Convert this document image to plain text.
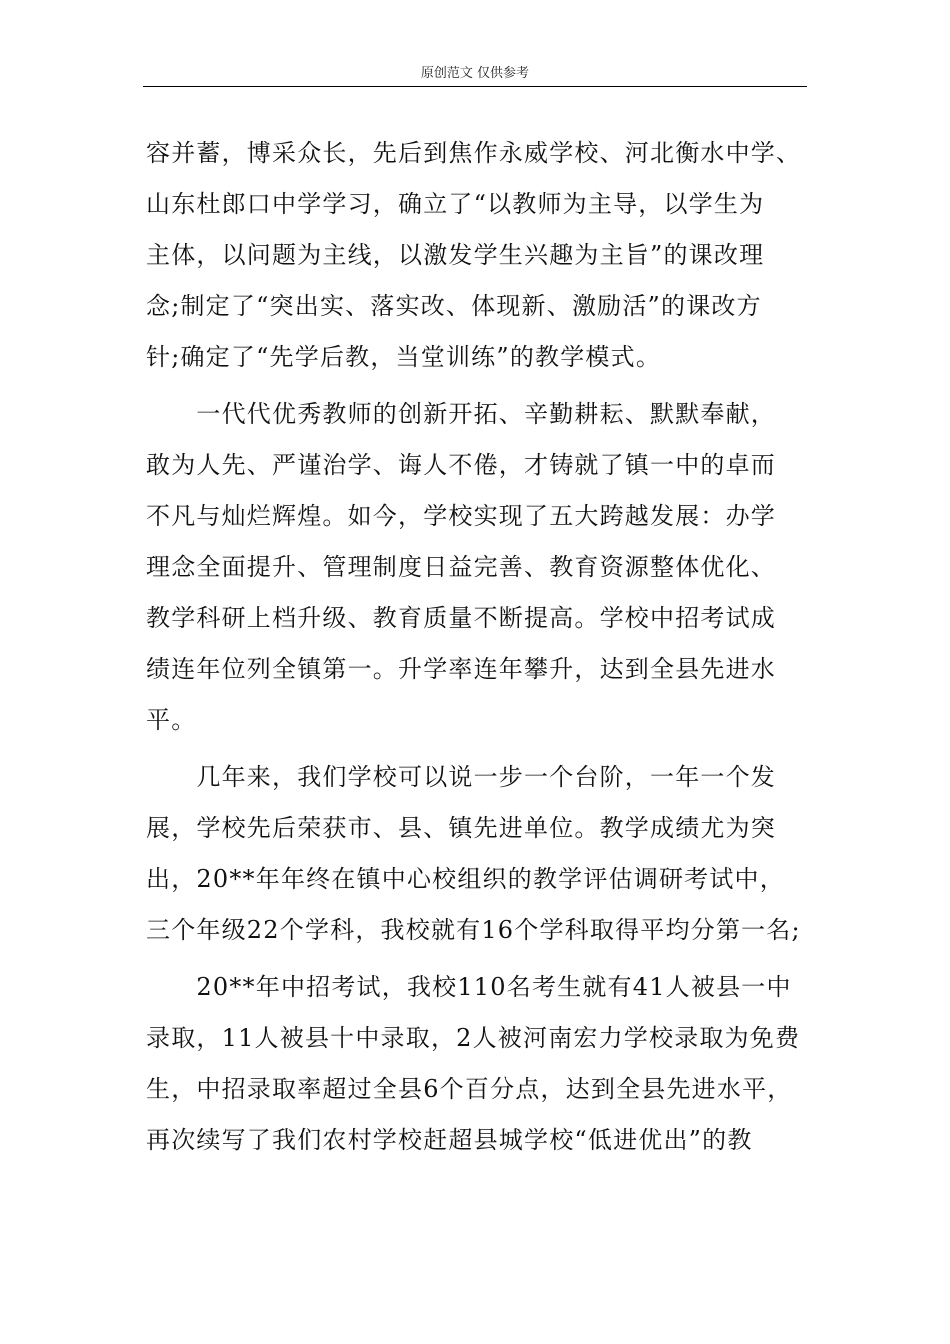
原创范文 仅供参考
容并蓄，博采众长，先后到焦作永威学校、河北衡水中学、
山东杜郎口中学学习，确立了“以教师为主导，以学生为
主体，以问题为主线，以激发学生兴趣为主旨”的课改理
念;制定了“突出实、落实改、体现新、激励活”的课改方
针;确定了“先学后教，当堂训练”的教学模式。
　　一代代优秀教师的创新开拓、辛勤耕耘、默默奉献，
敢为人先、严谨治学、诲人不倦，才铸就了镇一中的卓而
不凡与灿烂辉煌。如今，学校实现了五大跨越发展：办学
理念全面提升、管理制度日益完善、教育资源整体优化、
教学科研上档升级、教育质量不断提高。学校中招考试成
绩连年位列全镇第一。升学率连年攀升，达到全县先进水
平。
　　几年来，我们学校可以说一步一个台阶，一年一个发
展，学校先后荣获市、县、镇先进单位。教学成绩尤为突
出，20**年年终在镇中心校组织的教学评估调研考试中，
三个年级22个学科，我校就有16个学科取得平均分第一名;
　　20**年中招考试，我校110名考生就有41人被县一中
录取，11人被县十中录取，2人被河南宏力学校录取为免费
生，中招录取率超过全县6个百分点，达到全县先进水平，
再次续写了我们农村学校赶超县城学校“低进优出”的教
